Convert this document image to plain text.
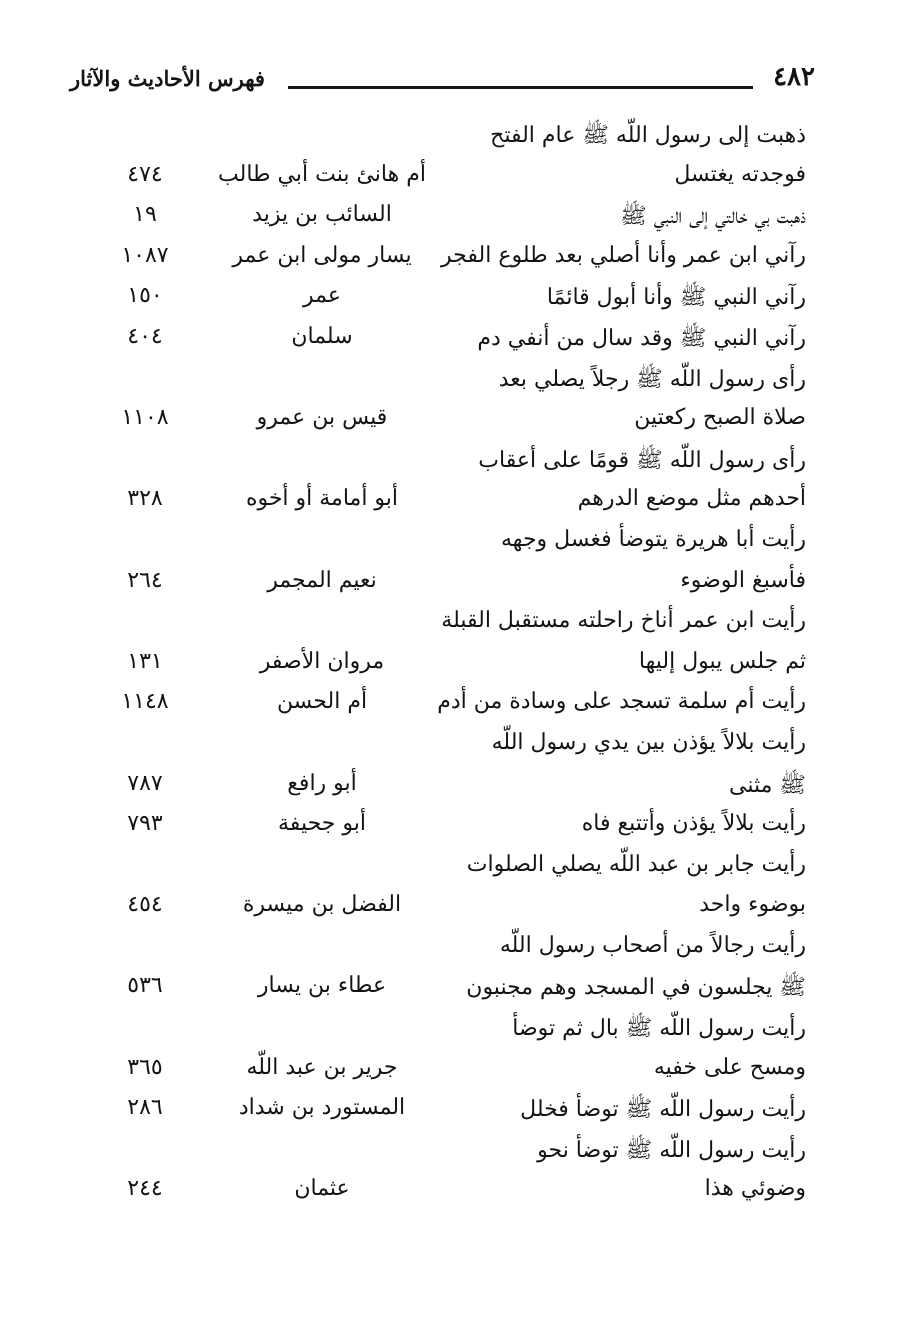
٤٨٢
فهرس الأحاديث والآثار
ذهبت إلى رسول اللّه ﷺ عام الفتح
فوجدته يغتسل
أم هانئ بنت أبي طالب
٤٧٤
ذهبت بي خالتي إلى النبي ﷺ
السائب بن يزيد
١٩
رآني ابن عمر وأنا أصلي بعد طلوع الفجر
يسار مولى ابن عمر
١٠٨٧
رآني النبي ﷺ وأنا أبول قائمًا
عمر
١٥٠
رآني النبي ﷺ وقد سال من أنفي دم
سلمان
٤٠٤
رأى رسول اللّه ﷺ رجلاً يصلي بعد
صلاة الصبح ركعتين
قيس بن عمرو
١١٠٨
رأى رسول اللّه ﷺ قومًا على أعقاب
أحدهم مثل موضع الدرهم
أبو أمامة أو أخوه
٣٢٨
رأيت أبا هريرة يتوضأ فغسل وجهه
فأسبغ الوضوء
نعيم المجمر
٢٦٤
رأيت ابن عمر أناخ راحلته مستقبل القبلة
ثم جلس يبول إليها
مروان الأصفر
١٣١
رأيت أم سلمة تسجد على وسادة من أدم
أم الحسن
١١٤٨
رأيت بلالاً يؤذن بين يدي رسول اللّه
ﷺ مثنى
أبو رافع
٧٨٧
رأيت بلالاً يؤذن وأتتبع فاه
أبو جحيفة
٧٩٣
رأيت جابر بن عبد اللّه يصلي الصلوات
بوضوء واحد
الفضل بن ميسرة
٤٥٤
رأيت رجالاً من أصحاب رسول اللّه
ﷺ يجلسون في المسجد وهم مجنبون
عطاء بن يسار
٥٣٦
رأيت رسول اللّه ﷺ بال ثم توضأ
ومسح على خفيه
جرير بن عبد اللّه
٣٦٥
رأيت رسول اللّه ﷺ توضأ فخلل
المستورد بن شداد
٢٨٦
رأيت رسول اللّه ﷺ توضأ نحو
وضوئي هذا
عثمان
٢٤٤
